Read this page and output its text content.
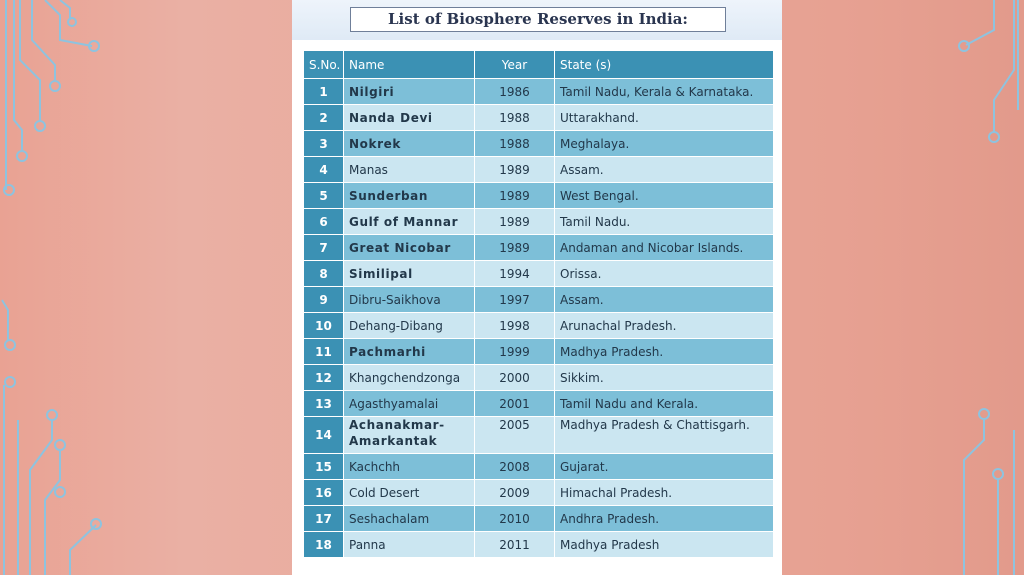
List of Biosphere Reserves in India:
S.No.	Name	Year	State (s)
1	Nilgiri	1986	Tamil Nadu, Kerala & Karnataka.
2	Nanda Devi	1988	Uttarakhand.
3	Nokrek	1988	Meghalaya.
4	Manas	1989	Assam.
5	Sunderban	1989	West Bengal.
6	Gulf of Mannar	1989	Tamil Nadu.
7	Great Nicobar	1989	Andaman and Nicobar Islands.
8	Similipal	1994	Orissa.
9	Dibru-Saikhova	1997	Assam.
10	Dehang-Dibang	1998	Arunachal Pradesh.
11	Pachmarhi	1999	Madhya Pradesh.
12	Khangchendzonga	2000	Sikkim.
13	Agasthyamalai	2001	Tamil Nadu and Kerala.
14	Achanakmar-Amarkantak	2005	Madhya Pradesh & Chattisgarh.
15	Kachchh	2008	Gujarat.
16	Cold Desert	2009	Himachal Pradesh.
17	Seshachalam	2010	Andhra Pradesh.
18	Panna	2011	Madhya Pradesh
